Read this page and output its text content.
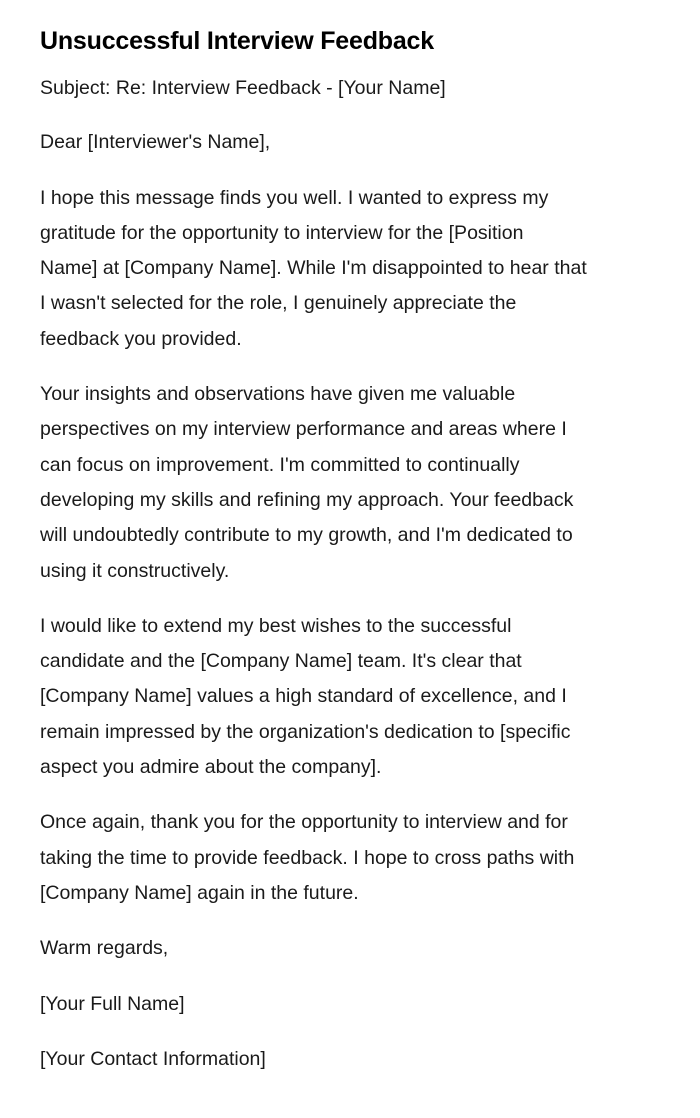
Unsuccessful Interview Feedback

Subject: Re: Interview Feedback - [Your Name]

Dear [Interviewer's Name],

I hope this message finds you well. I wanted to express my

gratitude for the opportunity to interview for the [Position

Name] at [Company Name]. While I'm disappointed to hear that

I wasn't selected for the role, I genuinely appreciate the

feedback you provided.

Your insights and observations have given me valuable

perspectives on my interview performance and areas where I

can focus on improvement. I'm committed to continually

developing my skills and refining my approach. Your feedback

will undoubtedly contribute to my growth, and I'm dedicated to

using it constructively.

I would like to extend my best wishes to the successful

candidate and the [Company Name] team. It's clear that

[Company Name] values a high standard of excellence, and I

remain impressed by the organization's dedication to [specific

aspect you admire about the company].

Once again, thank you for the opportunity to interview and for

taking the time to provide feedback. I hope to cross paths with

[Company Name] again in the future.

Warm regards,

[Your Full Name]

[Your Contact Information]
